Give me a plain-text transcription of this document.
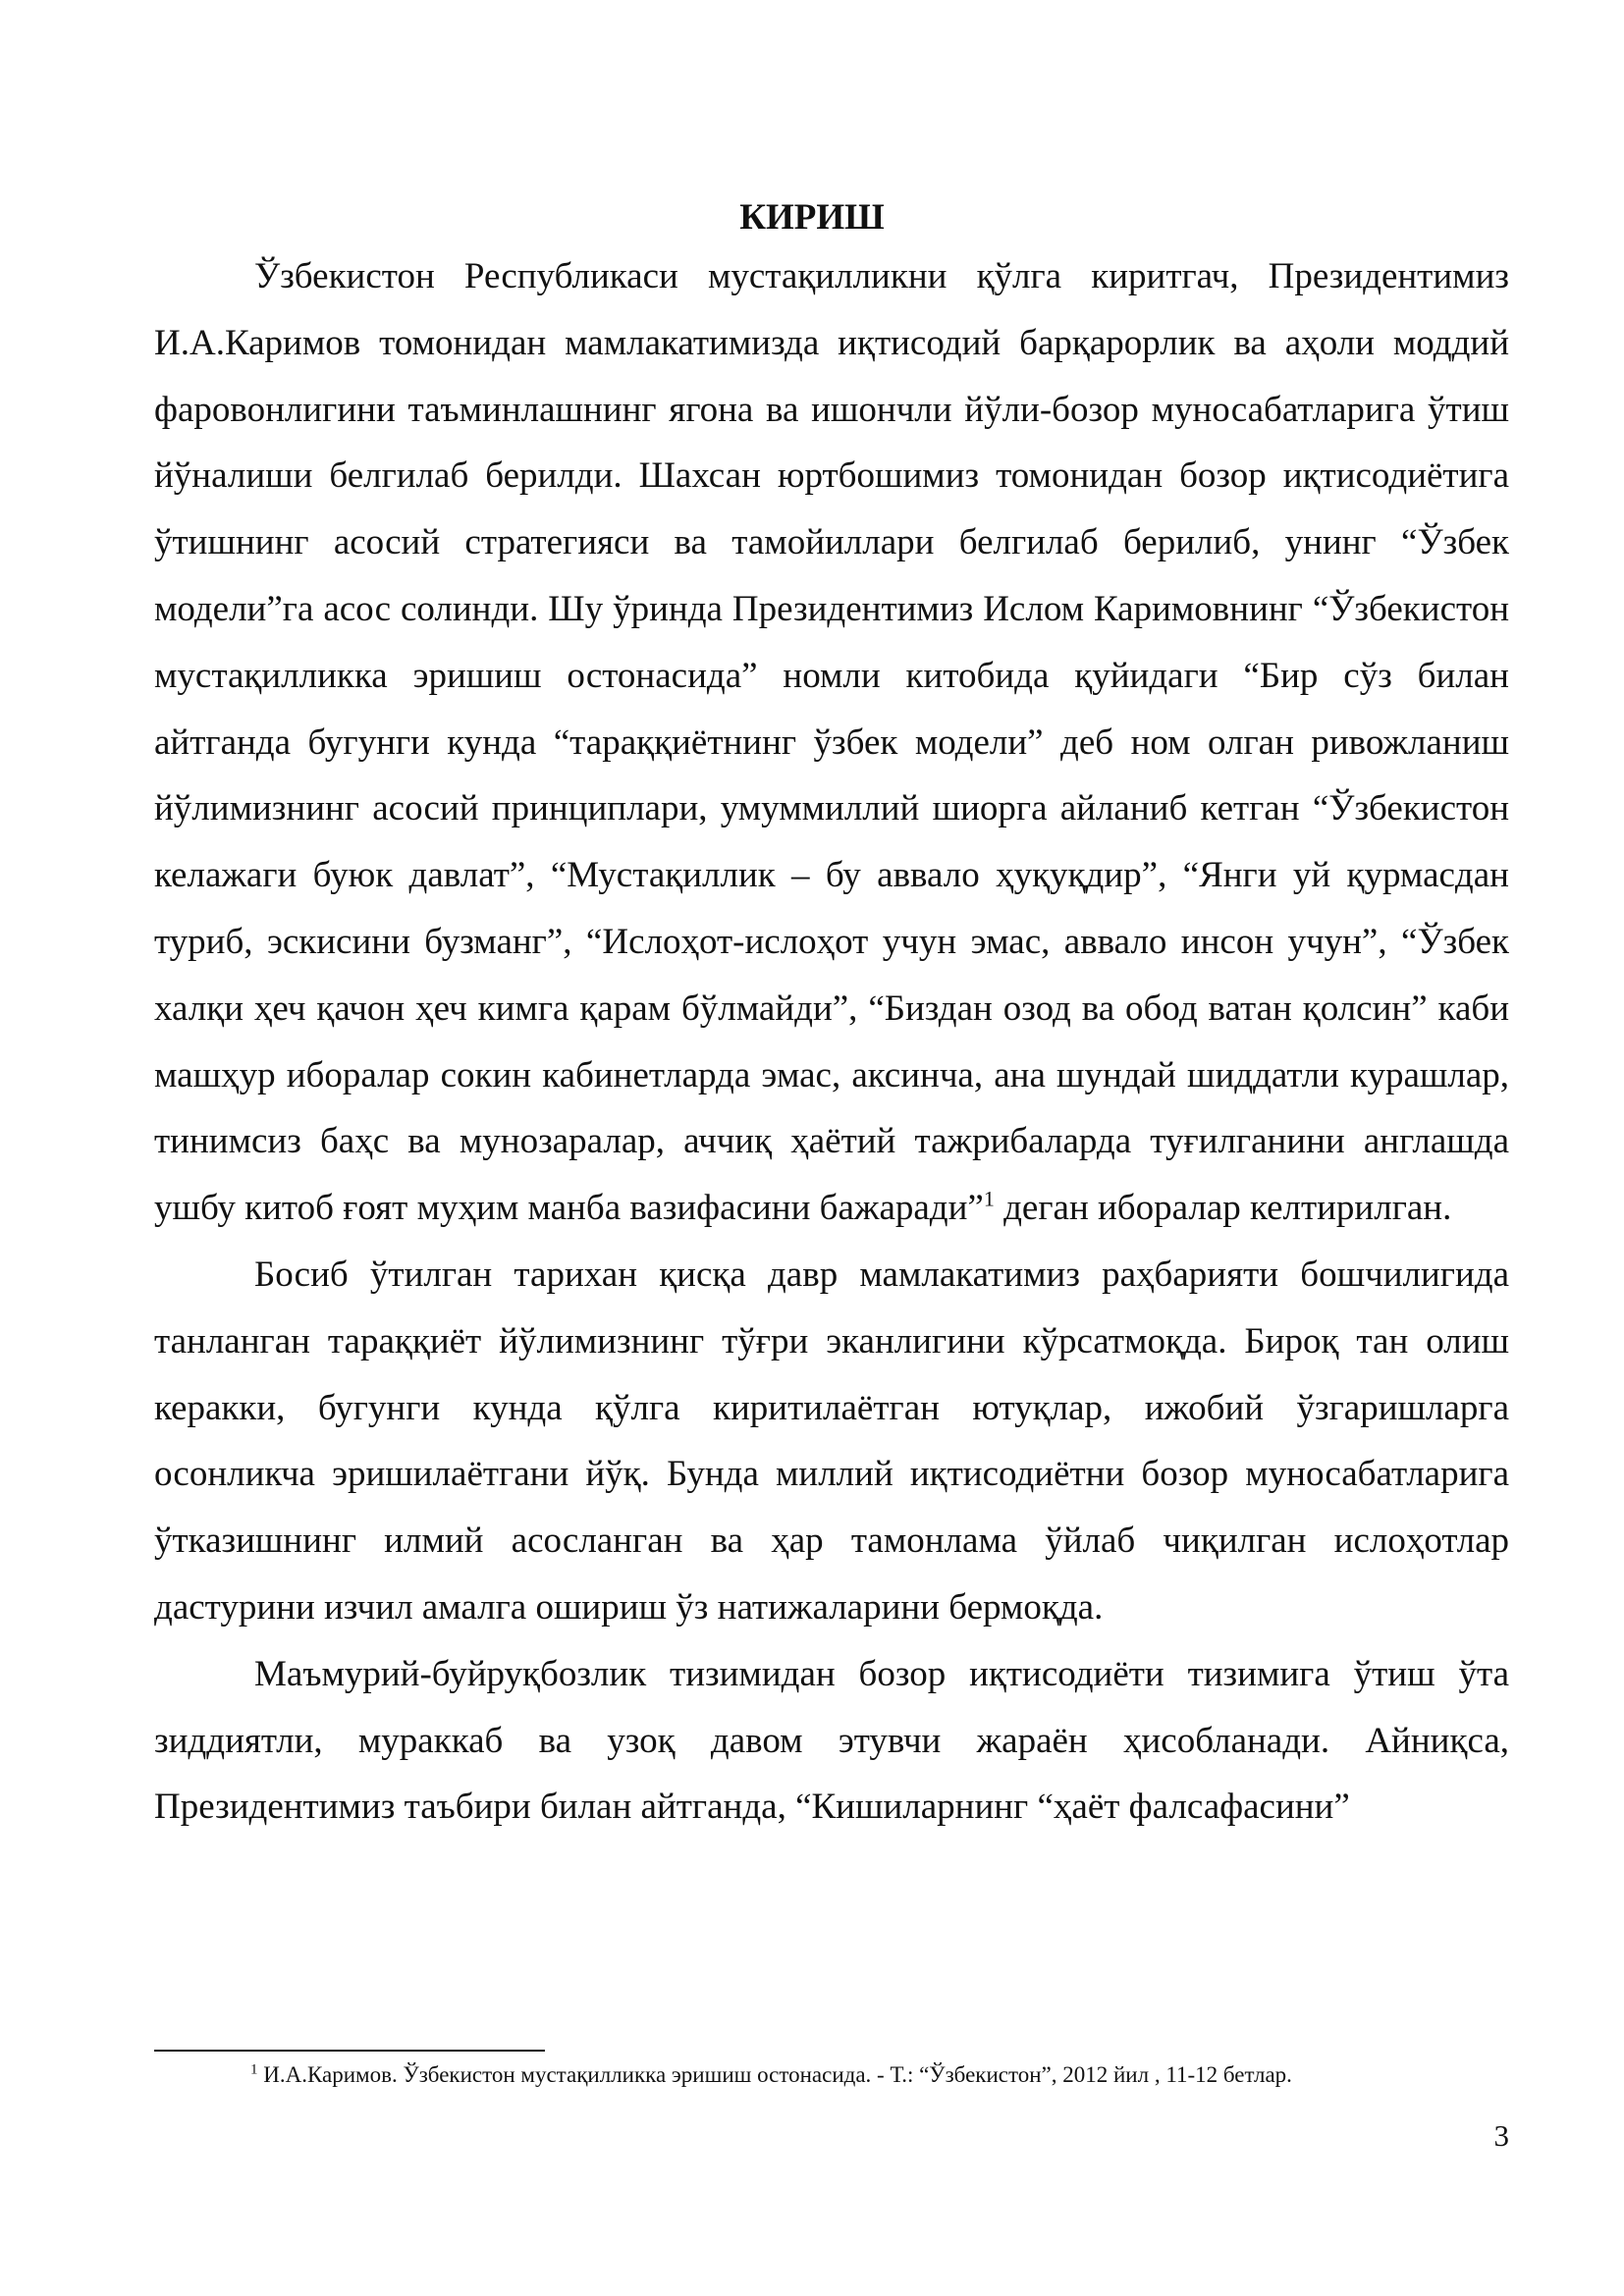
КИРИШ

Ўзбекистон Республикаси мустақилликни қўлга киритгач, Президентимиз И.А.Каримов томонидан мамлакатимизда иқтисодий барқарорлик ва аҳоли моддий фаровонлигини таъминлашнинг ягона ва ишончли йўли-бозор муносабатларига ўтиш йўналиши белгилаб берилди. Шахсан юртбошимиз томонидан бозор иқтисодиётига ўтишнинг асосий стратегияси ва тамойиллари белгилаб берилиб, унинг “Ўзбек модели”га асос солинди. Шу ўринда Президентимиз Ислом Каримовнинг “Ўзбекистон мустақилликка эришиш остонасида” номли китобида қуйидаги “Бир сўз билан айтганда бугунги кунда “тараққиётнинг ўзбек модели” деб ном олган ривожланиш йўлимизнинг асосий принциплари, умуммиллий шиорга айланиб кетган “Ўзбекистон келажаги буюк давлат”, “Мустақиллик – бу аввало ҳуқуқдир”, “Янги уй қурмасдан туриб, эскисини бузманг”, “Ислоҳот-ислоҳот учун эмас, аввало инсон учун”, “Ўзбек халқи ҳеч қачон ҳеч кимга қарам бўлмайди”, “Биздан озод ва обод ватан қолсин” каби машҳур иборалар сокин кабинетларда эмас, аксинча, ана шундай шиддатли курашлар, тинимсиз баҳс ва мунозаралар, аччиқ ҳаётий тажрибаларда туғилганини англашда ушбу китоб ғоят муҳим манба вазифасини бажаради”$^1$ деган иборалар келтирилган.

Босиб ўтилган тарихан қисқа давр мамлакатимиз раҳбарияти бошчилигида танланган тараққиёт йўлимизнинг тўғри эканлигини кўрсатмоқда. Бироқ тан олиш керакки, бугунги кунда қўлга киритилаётган ютуқлар, ижобий ўзгаришларга осонликча эришилаётгани йўқ. Бунда миллий иқтисодиётни бозор муносабатларига ўтказишнинг илмий асосланган ва ҳар тамонлама ўйлаб чиқилган ислоҳотлар дастурини изчил амалга ошириш ўз натижаларини бермоқда.

Маъмурий-буйруқбозлик тизимидан бозор иқтисодиёти тизимига ўтиш ўта зиддиятли, мураккаб ва узоқ давом этувчи жараён ҳисобланади. Айниқса, Президентимиз таъбири билан айтганда, “Кишиларнинг “ҳаёт фалсафасини”

$^1$ И.А.Каримов. Ўзбекистон мустақилликка эришиш остонасида. - Т.: “Ўзбекистон”, 2012 йил , 11-12 бетлар.

3
